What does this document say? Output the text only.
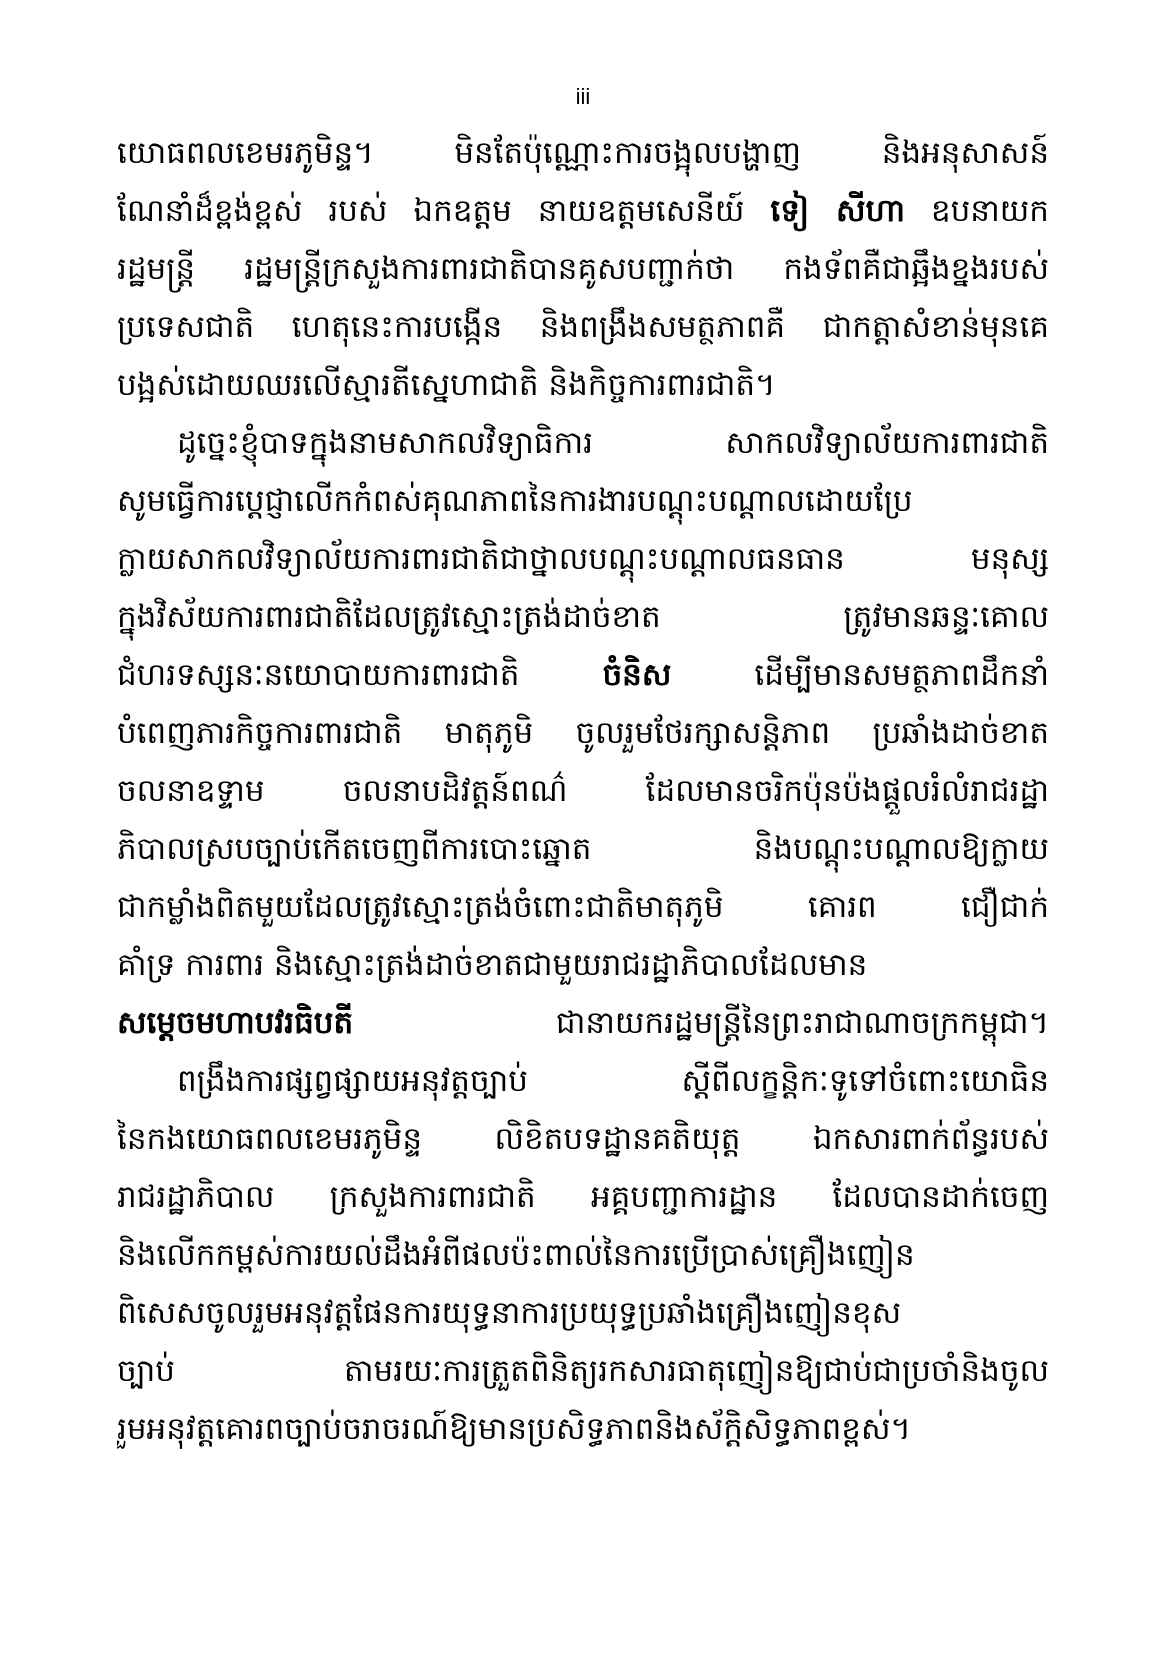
iii
យោធពលខេមរភូមិន្ទ។ មិនតែប៉ុណ្ណោះការចង្អុលបង្ហាញ និងអនុសាសន៍
ណែនាំដ៏ខ្ពង់ខ្ពស់ របស់ ឯកឧត្តម នាយឧត្តមសេនីយ៍ ទៀ សីហា ឧបនាយក
រដ្ឋមន្ត្រី រដ្ឋមន្ត្រីក្រសួងការពារជាតិបានគូសបញ្ជាក់ថា កងទ័ពគឺជាឆ្អឹងខ្នងរបស់
ប្រទេសជាតិ ហេតុនេះការបង្កើន និងពង្រឹងសមត្ថភាពគឺ ជាកត្តាសំខាន់មុនគេ
បង្អស់ដោយឈរលើស្មារតីស្នេហាជាតិ និងកិច្ចការពារជាតិ។
ដូច្នេះខ្ញុំបាទក្នុងនាមសាកលវិទ្យាធិការ សាកលវិទ្យាល័យការពារជាតិ
សូមធ្វើការប្ដេជ្ញាលើកកំពស់គុណភាពនៃការងារបណ្ដុះបណ្ដាលដោយប្រែ
ក្លាយសាកលវិទ្យាល័យការពារជាតិជាថ្នាលបណ្ដុះបណ្ដាលធនធាន មនុស្ស
ក្នុងវិស័យការពារជាតិដែលត្រូវស្មោះត្រង់ដាច់ខាត ត្រូវមានឆន្ទៈគោល
ជំហរទស្សនៈនយោបាយការពារជាតិ ចំនិស ដើម្បីមានសមត្ថភាពដឹកនាំ
បំពេញភារកិច្ចការពារជាតិ មាតុភូមិ ចូលរួមថែរក្សាសន្តិភាព ប្រឆាំងដាច់ខាត
ចលនាឧទ្ទាម ចលនាបដិវត្តន៍ពណ៌ ដែលមានចរិកប៉ុនប៉ងផ្ដួលរំលំរាជរដ្ឋា
ភិបាលស្របច្បាប់កើតចេញពីការបោះឆ្នោត និងបណ្ដុះបណ្ដាលឱ្យក្លាយ
ជាកម្លាំងពិតមួយដែលត្រូវស្មោះត្រង់ចំពោះជាតិមាតុភូមិ គោរព ជឿជាក់
គាំទ្រ ការពារ និងស្មោះត្រង់ដាច់ខាតជាមួយរាជរដ្ឋាភិបាលដែលមាន
សម្ដេចមហាបវរធិបតី ជានាយករដ្ឋមន្ត្រីនៃព្រះរាជាណាចក្រកម្ពុជា។
ពង្រឹងការផ្សព្វផ្សាយអនុវត្តច្បាប់ ស្ដីពីលក្ខន្តិកៈទូទៅចំពោះយោធិន
នៃកងយោធពលខេមរភូមិន្ទ លិខិតបទដ្ឋានគតិយុត្ត ឯកសារពាក់ព័ន្ធរបស់
រាជរដ្ឋាភិបាល ក្រសួងការពារជាតិ អគ្គបញ្ជាការដ្ឋាន ដែលបានដាក់ចេញ
និងលើកកម្ពស់ការយល់ដឹងអំពីផលប៉ះពាល់នៃការប្រើប្រាស់គ្រឿងញៀន
ពិសេសចូលរួមអនុវត្តផែនការយុទ្ធនាការប្រយុទ្ធប្រឆាំងគ្រឿងញៀនខុស
ច្បាប់ តាមរយៈការត្រួតពិនិត្យរកសារធាតុញៀនឱ្យជាប់ជាប្រចាំនិងចូល
រួមអនុវត្តគោរពច្បាប់ចរាចរណ៍ឱ្យមានប្រសិទ្ធភាពនិងស័ក្តិសិទ្ធភាពខ្ពស់។
